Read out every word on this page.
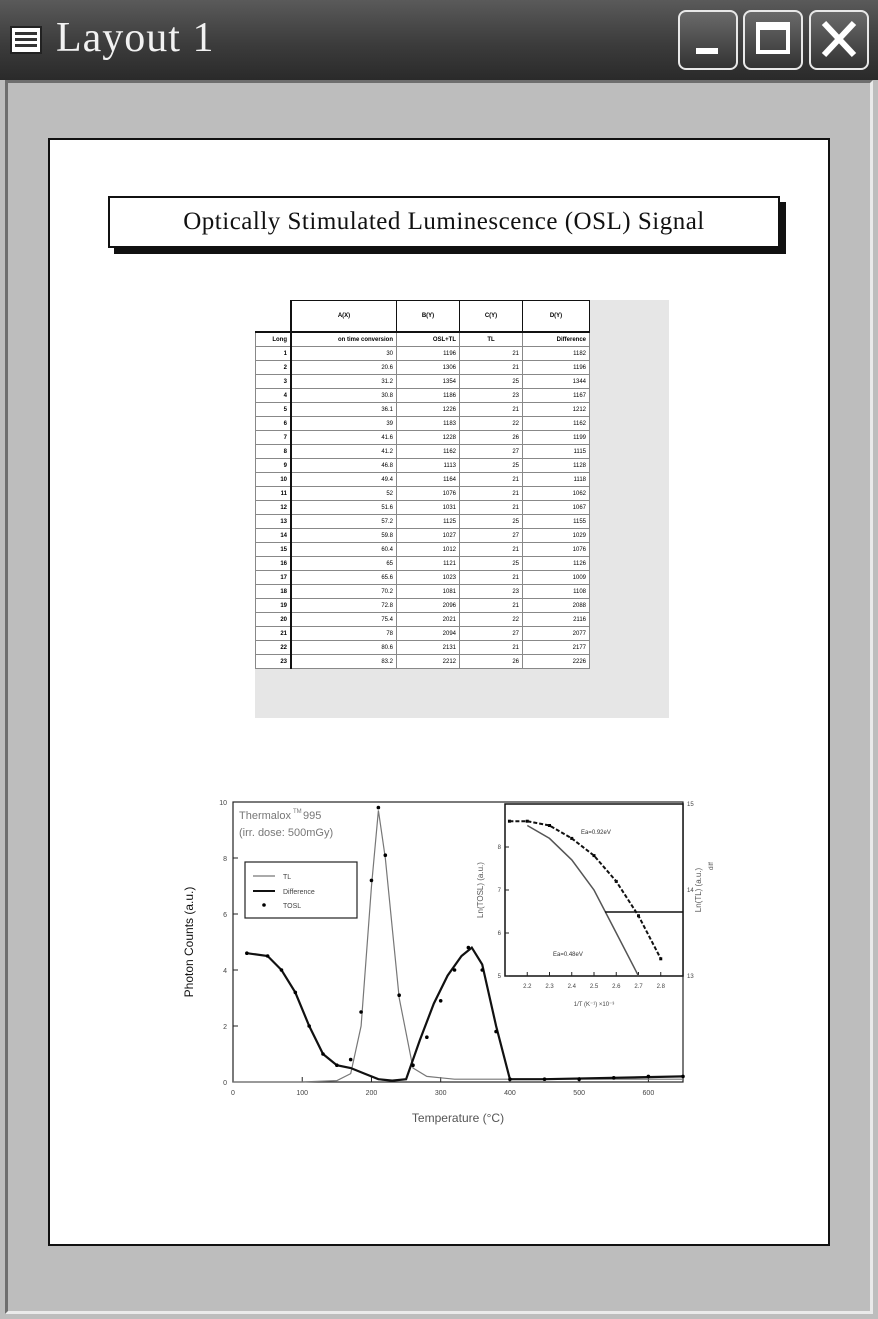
Layout 1
Optically Stimulated Luminescence (OSL) Signal
	A(X)	B(Y)	C(Y)	D(Y)
Long	on time conversion	OSL+TL	TL	Difference
1	30	1196	21	1182
2	20.6	1306	21	1196
3	31.2	1354	25	1344
4	30.8	1186	23	1167
5	36.1	1226	21	1212
6	39	1183	22	1162
7	41.6	1228	26	1199
8	41.2	1162	27	1115
9	46.8	1113	25	1128
10	49.4	1164	21	1118
11	52	1076	21	1062
12	51.6	1031	21	1067
13	57.2	1125	25	1155
14	59.8	1027	27	1029
15	60.4	1012	21	1076
16	65	1121	25	1126
17	65.6	1023	21	1009
18	70.2	1081	23	1108
19	72.8	2096	21	2088
20	75.4	2021	22	2116
21	78	2094	27	2077
22	80.6	2131	21	2177
23	83.2	2212	26	2226
0	100	200	300	400	500	600
0
2
4
6
8
10
Temperature (°C)
Photon Counts (a.u.)
Thermalox TM 995
(irr. dose: 500mGy)
TL
Difference
TOSL
2.2 2.3 2.4 2.5 2.6 2.7 2.8
5
6
7
8
13
14
15
1/T (K⁻¹) ×10⁻³
Ln(TOSL) (a.u.)	Ln(TL) (a.u.)
diff
Ea=0.92eV
Ea=0.48eV
